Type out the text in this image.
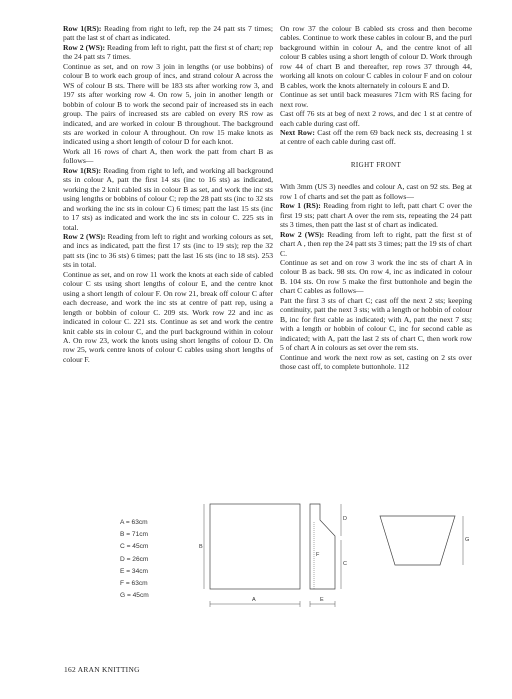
Row 1(RS): Reading from right to left, rep the 24 patt sts 7 times; patt the last st of chart as indicated.

Row 2 (WS): Reading from left to right, patt the first st of chart; rep the 24 patt sts 7 times.

Continue as set, and on row 3 join in lengths (or use bobbins) of colour B to work each group of incs, and strand colour A across the WS of colour B sts. There will be 183 sts after working row 3, and 197 sts after working row 4. On row 5, join in another length or bobbin of colour B to work the second pair of increased sts in each group. The pairs of increased sts are cabled on every RS row as indicated, and are worked in colour B throughout. The background sts are worked in colour A throughout. On row 15 make knots as indicated using a short length of colour D for each knot.

Work all 16 rows of chart A, then work the patt from chart B as follows—

Row 1(RS): Reading from right to left, and working all background sts in colour A, patt the first 14 sts (inc to 16 sts) as indicated, working the 2 knit cabled sts in colour B as set, and work the inc sts using lengths or bobbins of colour C; rep the 28 patt sts (inc to 32 sts and working the inc sts in colour C) 6 times; patt the last 15 sts (inc to 17 sts) as indicated and work the inc sts in colour C. 225 sts in total.

Row 2 (WS): Reading from left to right and working colours as set, and incs as indicated, patt the first 17 sts (inc to 19 sts); rep the 32 patt sts (inc to 36 sts) 6 times; patt the last 16 sts (inc to 18 sts). 253 sts in total.

Continue as set, and on row 11 work the knots at each side of cabled colour C sts using short lengths of colour E, and the centre knot using a short length of colour F. On row 21, break off colour C after each decrease, and work the inc sts at centre of patt rep, using a length or bobbin of colour C. 209 sts. Work row 22 and inc as indicated in colour C. 221 sts. Continue as set and work the centre knit cable sts in colour C, and the purl background within in colour A. On row 23, work the knots using short lengths of colour D. On row 25, work centre knots of colour C cables using short lengths of colour F.

On row 37 the colour B cabled sts cross and then become cables. Continue to work these cables in colour B, and the purl background within in colour A, and the centre knot of all colour B cables using a short length of colour D. Work through row 44 of chart B and thereafter, rep rows 37 through 44, working all knots on colour C cables in colour F and on colour B cables, work the knots alternately in colours E and D.

Continue as set until back measures 71cm with RS facing for next row.

Cast off 76 sts at beg of next 2 rows, and dec 1 st at centre of each cable during cast off.

Next Row: Cast off the rem 69 back neck sts, decreasing 1 st at centre of each cable during cast off.

RIGHT FRONT

With 3mm (US 3) needles and colour A, cast on 92 sts. Beg at row 1 of charts and set the patt as follows—

Row 1 (RS): Reading from right to left, patt chart C over the first 19 sts; patt chart A over the rem sts, repeating the 24 patt sts 3 times, then patt the last st of chart as indicated.

Row 2 (WS): Reading from left to right, patt the first st of chart A , then rep the 24 patt sts 3 times; patt the 19 sts of chart C.

Continue as set and on row 3 work the inc sts of chart A in colour B as back. 98 sts. On row 4, inc as indicated in colour B. 104 sts. On row 5 make the first buttonhole and begin the chart C cables as follows—

Patt the first 3 sts of chart C; cast off the next 2 sts; keeping continuity, patt the next 3 sts; with a length or hobbin of colour B, inc for first cable as indicated; with A, patt the next 7 sts; with a length or hobbin of colour C, inc for second cable as indicated; with A, patt the last 2 sts of chart C, then work row 5 of chart A in colours as set over the rem sts.

Continue and work the next row as set, casting on 2 sts over those cast off, to complete buttonhole. 112

A = 63cm
B = 71cm
C = 45cm
D = 26cm
E = 34cm
F = 63cm
G = 45cm
A
B
D
C
F
E
G
162 ARAN KNITTING
